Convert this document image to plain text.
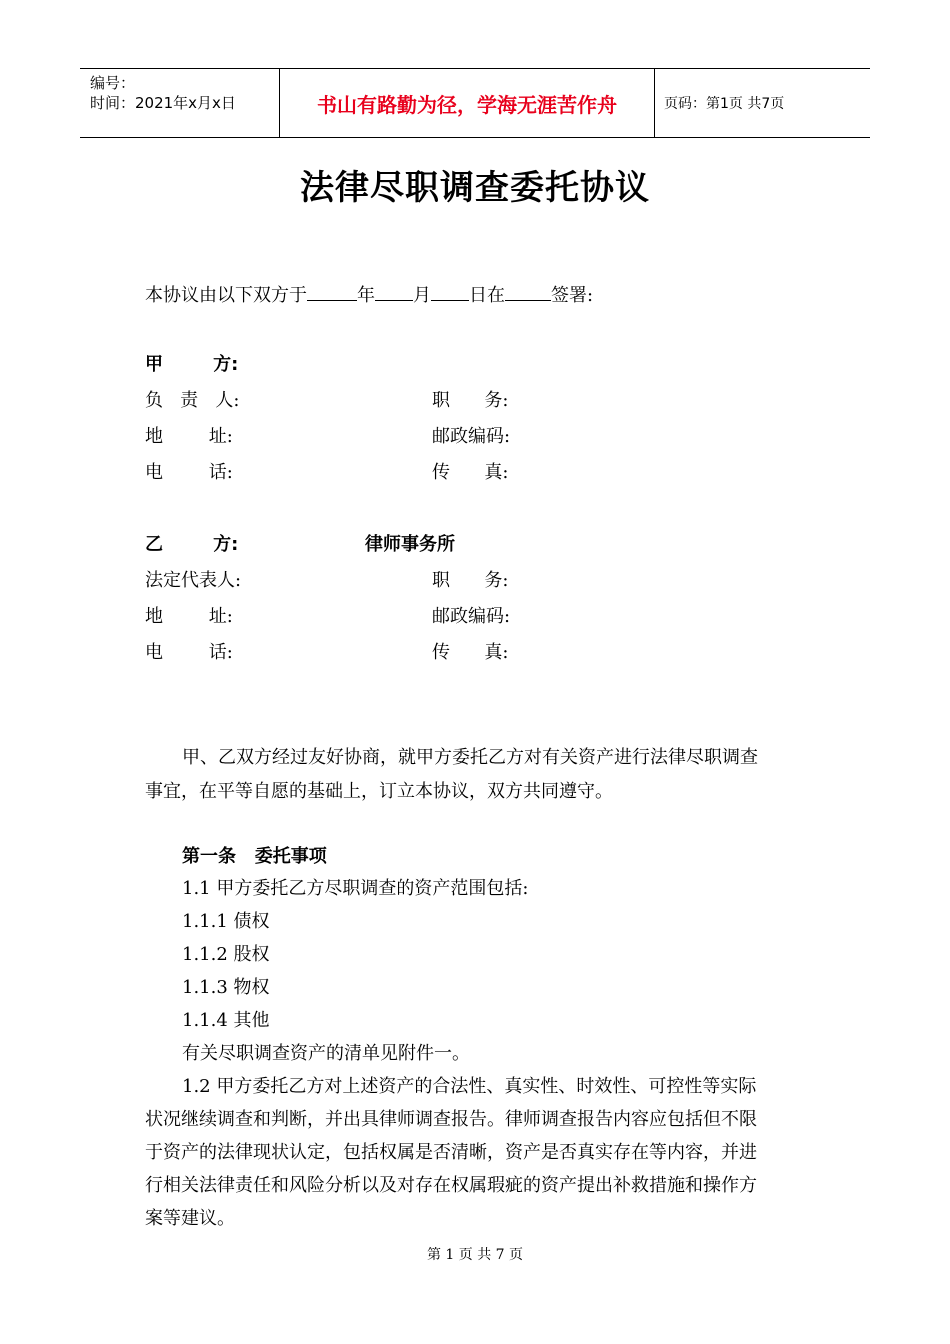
编号：
时间：2021年x月x日	书山有路勤为径，学海无涯苦作舟	页码：第1页 共7页
法律尽职调查委托协议
本协议由以下双方于	年 月 日在	签署:
甲        方:
负   责   人:	职      务:
地        址:	邮政编码:
电        话:	传      真:
乙        方:	律师事务所
法定代表人:	职      务:
地        址:	邮政编码:
电        话:	传      真:
甲、乙双方经过友好协商，就甲方委托乙方对有关资产进行法律尽职调查
事宜，在平等自愿的基础上，订立本协议，双方共同遵守。
第一条   委托事项
1.1 甲方委托乙方尽职调查的资产范围包括:
1.1.1 债权
1.1.2 股权
1.1.3 物权
1.1.4 其他
有关尽职调查资产的清单见附件一。
1.2 甲方委托乙方对上述资产的合法性、真实性、时效性、可控性等实际
状况继续调查和判断，并出具律师调查报告。律师调查报告内容应包括但不限
于资产的法律现状认定，包括权属是否清晰，资产是否真实存在等内容，并进
行相关法律责任和风险分析以及对存在权属瑕疵的资产提出补救措施和操作方
案等建议。
第 1 页 共 7 页
